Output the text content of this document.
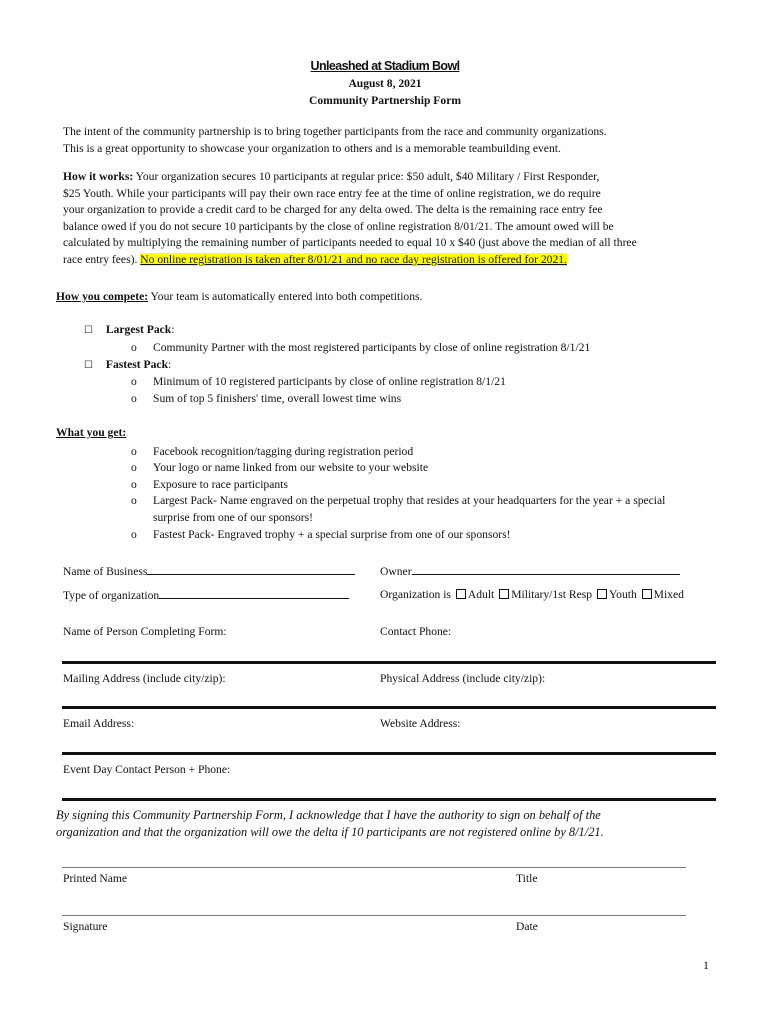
Unleashed at Stadium Bowl
August 8, 2021
Community Partnership Form
The intent of the community partnership is to bring together participants from the race and community organizations.
This is a great opportunity to showcase your organization to others and is a memorable teambuilding event.
How it works: Your organization secures 10 participants at regular price: $50 adult, $40 Military / First Responder,
$25 Youth. While your participants will pay their own race entry fee at the time of online registration, we do require
your organization to provide a credit card to be charged for any delta owed. The delta is the remaining race entry fee
balance owed if you do not secure 10 participants by the close of online registration 8/01/21. The amount owed will be
calculated by multiplying the remaining number of participants needed to equal 10 x $40 (just above the median of all three
race entry fees). No online registration is taken after 8/01/21 and no race day registration is offered for 2021.
How you compete: Your team is automatically entered into both competitions.
☐ Largest Pack:
o Community Partner with the most registered participants by close of online registration 8/1/21
☐ Fastest Pack:
o Minimum of 10 registered participants by close of online registration 8/1/21
o Sum of top 5 finishers' time, overall lowest time wins
What you get:
o Facebook recognition/tagging during registration period
o Your logo or name linked from our website to your website
o Exposure to race participants
o Largest Pack- Name engraved on the perpetual trophy that resides at your headquarters for the year + a special
surprise from one of our sponsors!
o Fastest Pack- Engraved trophy + a special surprise from one of our sponsors!
Name of Business	Owner
Type of organization	Organization is Adult Military/1st Resp Youth Mixed
Name of Person Completing Form:	Contact Phone:
Mailing Address (include city/zip):	Physical Address (include city/zip):
Email Address:	Website Address:
Event Day Contact Person + Phone:
By signing this Community Partnership Form, I acknowledge that I have the authority to sign on behalf of the
organization and that the organization will owe the delta if 10 participants are not registered online by 8/1/21.
Printed Name	Title
Signature	Date
1
